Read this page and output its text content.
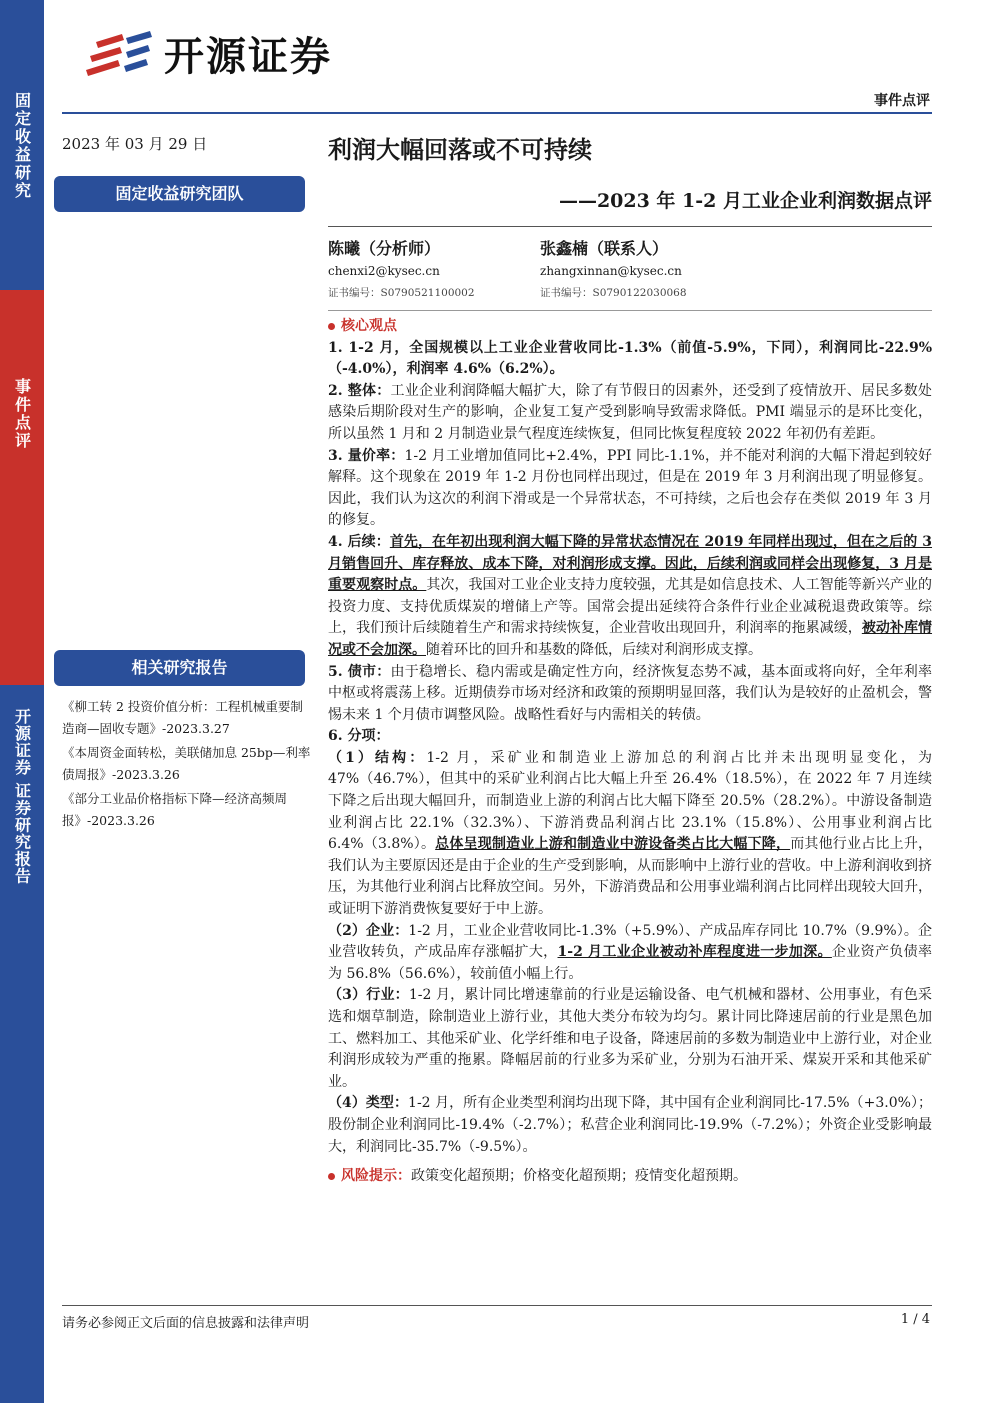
固定收益研究
事件点评
开源证券 证券研究报告
开源证券
事件点评
2023 年 03 月 29 日
固定收益研究团队
相关研究报告
《柳工转 2 投资价值分析：工程机械重要制造商—固收专题》-2023.3.27
《本周资金面转松，美联储加息 25bp—利率债周报》-2023.3.26
《部分工业品价格指标下降—经济高频周报》-2023.3.26
利润大幅回落或不可持续
——2023 年 1-2 月工业企业利润数据点评
陈曦（分析师）
chenxi2@kysec.cn
证书编号：S0790521100002
张鑫楠（联系人）
zhangxinnan@kysec.cn
证书编号：S0790122030068

核心观点

1. 1-2 月，全国规模以上工业企业营收同比-1.3%（前值-5.9%，下同），利润同比-22.9%（-4.0%），利润率 4.6%（6.2%）。

2. 整体：工业企业利润降幅大幅扩大，除了有节假日的因素外，还受到了疫情放开、居民多数处感染后期阶段对生产的影响，企业复工复产受到影响导致需求降低。PMI 端显示的是环比变化，所以虽然 1 月和 2 月制造业景气程度连续恢复，但同比恢复程度较 2022 年初仍有差距。

3. 量价率：1-2 月工业增加值同比+2.4%，PPI 同比-1.1%，并不能对利润的大幅下滑起到较好解释。这个现象在 2019 年 1-2 月份也同样出现过，但是在 2019 年 3 月利润出现了明显修复。因此，我们认为这次的利润下滑或是一个异常状态，不可持续，之后也会存在类似 2019 年 3 月的修复。

4. 后续：首先，在年初出现利润大幅下降的异常状态情况在 2019 年同样出现过，但在之后的 3 月销售回升、库存释放、成本下降，对利润形成支撑。因此，后续利润或同样会出现修复，3 月是重要观察时点。其次，我国对工业企业支持力度较强，尤其是如信息技术、人工智能等新兴产业的投资力度、支持优质煤炭的增储上产等。国常会提出延续符合条件行业企业减税退费政策等。综上，我们预计后续随着生产和需求持续恢复，企业营收出现回升，利润率的拖累减缓，被动补库情况或不会加深。随着环比的回升和基数的降低，后续对利润形成支撑。

5. 债市：由于稳增长、稳内需或是确定性方向，经济恢复态势不减，基本面或将向好，全年利率中枢或将震荡上移。近期债券市场对经济和政策的预期明显回落，我们认为是较好的止盈机会，警惕未来 1 个月债市调整风险。战略性看好与内需相关的转债。

6. 分项：

（1）结构：1-2 月，采矿业和制造业上游加总的利润占比并未出现明显变化，为 47%（46.7%），但其中的采矿业利润占比大幅上升至 26.4%（18.5%），在 2022 年 7 月连续下降之后出现大幅回升，而制造业上游的利润占比大幅下降至 20.5%（28.2%）。中游设备制造业利润占比 22.1%（32.3%）、下游消费品利润占比 23.1%（15.8%）、公用事业利润占比 6.4%（3.8%）。总体呈现制造业上游和制造业中游设备类占比大幅下降，而其他行业占比上升，我们认为主要原因还是由于企业的生产受到影响，从而影响中上游行业的营收。中上游利润收到挤压，为其他行业利润占比释放空间。另外，下游消费品和公用事业端利润占比同样出现较大回升，或证明下游消费恢复要好于中上游。

（2）企业：1-2 月，工业企业营收同比-1.3%（+5.9%）、产成品库存同比 10.7%（9.9%）。企业营收转负，产成品库存涨幅扩大，1-2 月工业企业被动补库程度进一步加深。企业资产负债率为 56.8%（56.6%），较前值小幅上行。

（3）行业：1-2 月，累计同比增速靠前的行业是运输设备、电气机械和器材、公用事业，有色采选和烟草制造，除制造业上游行业，其他大类分布较为均匀。累计同比降速居前的行业是黑色加工、燃料加工、其他采矿业、化学纤维和电子设备，降速居前的多数为制造业中上游行业，对企业利润形成较为严重的拖累。降幅居前的行业多为采矿业，分别为石油开采、煤炭开采和其他采矿业。

（4）类型：1-2 月，所有企业类型利润均出现下降，其中国有企业利润同比-17.5%（+3.0%）；股份制企业利润同比-19.4%（-2.7%）；私营企业利润同比-19.9%（-7.2%）；外资企业受影响最大，利润同比-35.7%（-9.5%）。

风险提示：政策变化超预期；价格变化超预期；疫情变化超预期。

请务必参阅正文后面的信息披露和法律声明	1 / 4
